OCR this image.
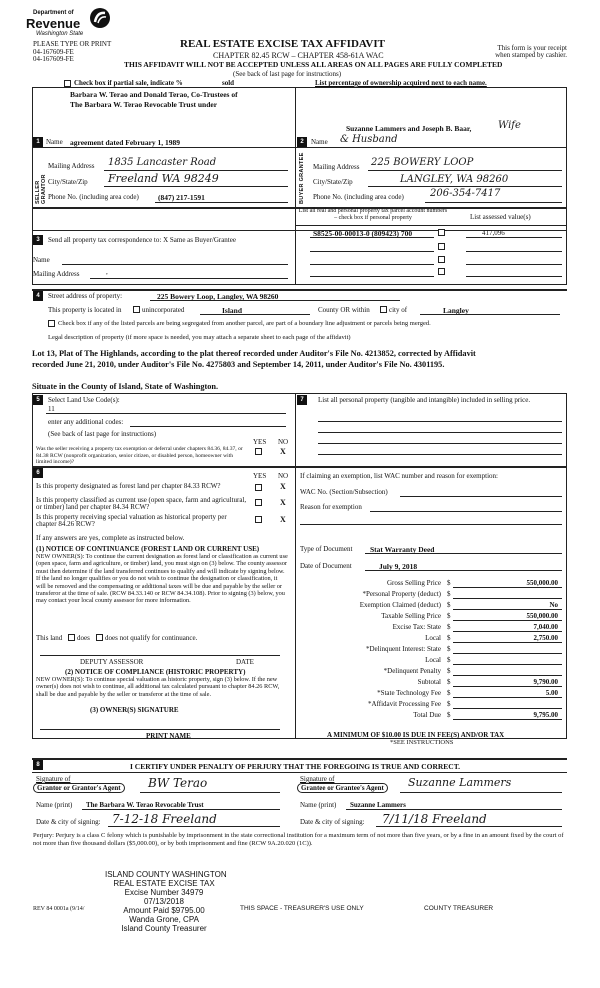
Department of
Revenue
Washington State
PLEASE TYPE OR PRINT
04-167609-FE
04-167609-FE
REAL ESTATE EXCISE TAX AFFIDAVIT
CHAPTER 82.45 RCW – CHAPTER 458-61A WAC
THIS AFFIDAVIT WILL NOT BE ACCEPTED UNLESS ALL AREAS ON ALL PAGES ARE FULLY COMPLETED
(See back of last page for instructions)
This form is your receipt
when stamped by cashier.
Check box if partial sale, indicate %	sold	List percentage of ownership acquired next to each name.
1 Name
Barbara W. Terao and Donald Terao, Co-Trustees of
The Barbara W. Terao Revocable Trust under
agreement dated February 1, 1989
SELLER GRANTOR
Mailing Address 1835 Lancaster Road
City/State/Zip Freeland WA 98249
Phone No. (including area code)	(847) 217-1591
2	Name
Suzanne Lammers and Joseph B. Baar,	Wife
& Husband
BUYER GRANTEE Mailing Address 225 BOWERY LOOP
City/State/Zip	LANGLEY, WA 98260
Phone No. (including area code)	206-354-7417
3	Send all property tax correspondence to: X Same as Buyer/Grantee
Name
Mailing Address	,
List all real and personal property tax parcel account numbers – check box if personal property	List assessed value(s)
S8525-00-00013-0 (809423) 700	417,096
4	Street address of property:	225 Bowery Loop, Langley, WA 98260
This property is located in	unincorporated	Island	County OR within	city of	Langley
Check box if any of the listed parcels are being segregated from another parcel, are part of a boundary line adjustment or parcels being merged.
Legal description of property (if more space is needed, you may attach a separate sheet to each page of the affidavit)
Lot 13, Plat of The Highlands, according to the plat thereof recorded under Auditor's File No. 4213852, corrected by Affidavit
recorded June 21, 2010, under Auditor's File No. 4275803 and September 14, 2011, under Auditor's File No. 4301195.
Situate in the County of Island, State of Washington.
5	Select Land Use Code(s):
11
enter any additional codes:
(See back of last page for instructions)
YES NO
Was the seller receiving a property tax exemption or deferral under chapters 84.36, 84.37, or 84.38 RCW (nonprofit organization, senior citizen, or disabled person, homeowner with limited income)?
X
6	YES NO
Is this property designated as forest land per chapter 84.33 RCW?	X
Is this property classified as current use (open space, farm and agricultural, or timber) land per chapter 84.34 RCW?	X
Is this property receiving special valuation as historical property per chapter 84.26 RCW?	X
If any answers are yes, complete as instructed below.
(1) NOTICE OF CONTINUANCE (FOREST LAND OR CURRENT USE)
NEW OWNER(S): To continue the current designation as forest land or classification as current use (open space, farm and agriculture, or timber) land, you must sign on (3) below. The county assessor must then determine if the land transferred continues to qualify and will indicate by signing below. If the land no longer qualifies or you do not wish to continue the designation or classification, it will be removed and the compensating or additional taxes will be due and payable by the seller or transferor at the time of sale. (RCW 84.33.140 or RCW 84.34.108). Prior to signing (3) below, you may contact your local county assessor for more information.
This land does does not qualify for continuance.
DEPUTY ASSESSOR	DATE
(2) NOTICE OF COMPLIANCE (HISTORIC PROPERTY)
NEW OWNER(S): To continue special valuation as historic property, sign (3) below. If the new owner(s) does not wish to continue, all additional tax calculated pursuant to chapter 84.26 RCW, shall be due and payable by the seller or transferor at the time of sale.
(3) OWNER(S) SIGNATURE
PRINT NAME
7	List all personal property (tangible and intangible) included in selling price.
If claiming an exemption, list WAC number and reason for exemption:
WAC No. (Section/Subsection)
Reason for exemption
Type of Document Stat Warranty Deed
Date of Document	July 9, 2018
Gross Selling Price $	550,000.00
*Personal Property (deduct) $
Exemption Claimed (deduct) $	No
Taxable Selling Price $	550,000.00
Excise Tax: State $	7,040.00
Local $	2,750.00
*Delinquent Interest: State $
Local $
*Delinquent Penalty $
Subtotal $	9,790.00
*State Technology Fee $	5.00
*Affidavit Processing Fee $
Total Due $	9,795.00
A MINIMUM OF $10.00 IS DUE IN FEE(S) AND/OR TAX
*SEE INSTRUCTIONS
8	I CERTIFY UNDER PENALTY OF PERJURY THAT THE FOREGOING IS TRUE AND CORRECT.
Signature of
Grantor or Grantor's Agent	BW Terao
Name (print) The Barbara W. Terao Revocable Trust
Date & city of signing: 7-12-18 Freeland
Signature of
Grantee or Grantee's Agent	Suzanne Lammers
Name (print) Suzanne Lammers
Date & city of signing: 7/11/18 Freeland
Perjury: Perjury is a class C felony which is punishable by imprisonment in the state correctional institution for a maximum term of not more than five years, or by a fine in an amount fixed by the court of not more than five thousand dollars ($5,000.00), or by both imprisonment and fine (RCW 9A.20.020 (1C)).
ISLAND COUNTY WASHINGTON
REAL ESTATE EXCISE TAX
Excise Number 34979
07/13/2018
Amount Paid $9795.00
Wanda Grone, CPA
Island County Treasurer
REV 84 0001a (9/14/	THIS SPACE - TREASURER'S USE ONLY	COUNTY TREASURER
